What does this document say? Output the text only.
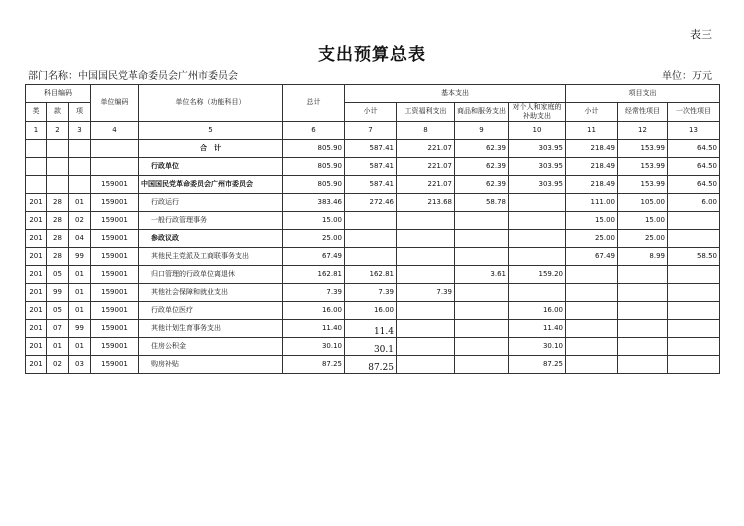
表三
支出预算总表
部门名称：中国国民党革命委员会广州市委员会	单位：万元
科目编码			单位编码	单位名称（功能科目）	总计	基本支出				项目支出		
类	款	项				小计	工资福利支出	商品和服务支出	对个人和家庭的补助支出	小计	经常性项目	一次性项目
1	2	3	4	5	6	7	8	9	10	11	12	13
				合　计	805.90	587.41	221.07	62.39	303.95	218.49	153.99	64.50
				行政单位	805.90	587.41	221.07	62.39	303.95	218.49	153.99	64.50
			159001	中国国民党革命委员会广州市委员会	805.90	587.41	221.07	62.39	303.95	218.49	153.99	64.50
201	28	01	159001	行政运行	383.46	272.46	213.68	58.78		111.00	105.00	6.00
201	28	02	159001	一般行政管理事务	15.00					15.00	15.00	
201	28	04	159001	参政议政	25.00					25.00	25.00	
201	28	99	159001	其他民主党派及工商联事务支出	67.49					67.49	8.99	58.50
201	05	01	159001	归口管理的行政单位离退休	162.81	162.81		3.61	159.20			
201	99	01	159001	其他社会保障和就业支出	7.39	7.39	7.39					
201	05	01	159001	行政单位医疗	16.00	16.00			16.00			
201	07	99	159001	其他计划生育事务支出	11.40	11.4			11.40			
201	01	01	159001	住房公积金	30.10	30.1			30.10			
201	02	03	159001	购房补贴	87.25	87.25			87.25			
